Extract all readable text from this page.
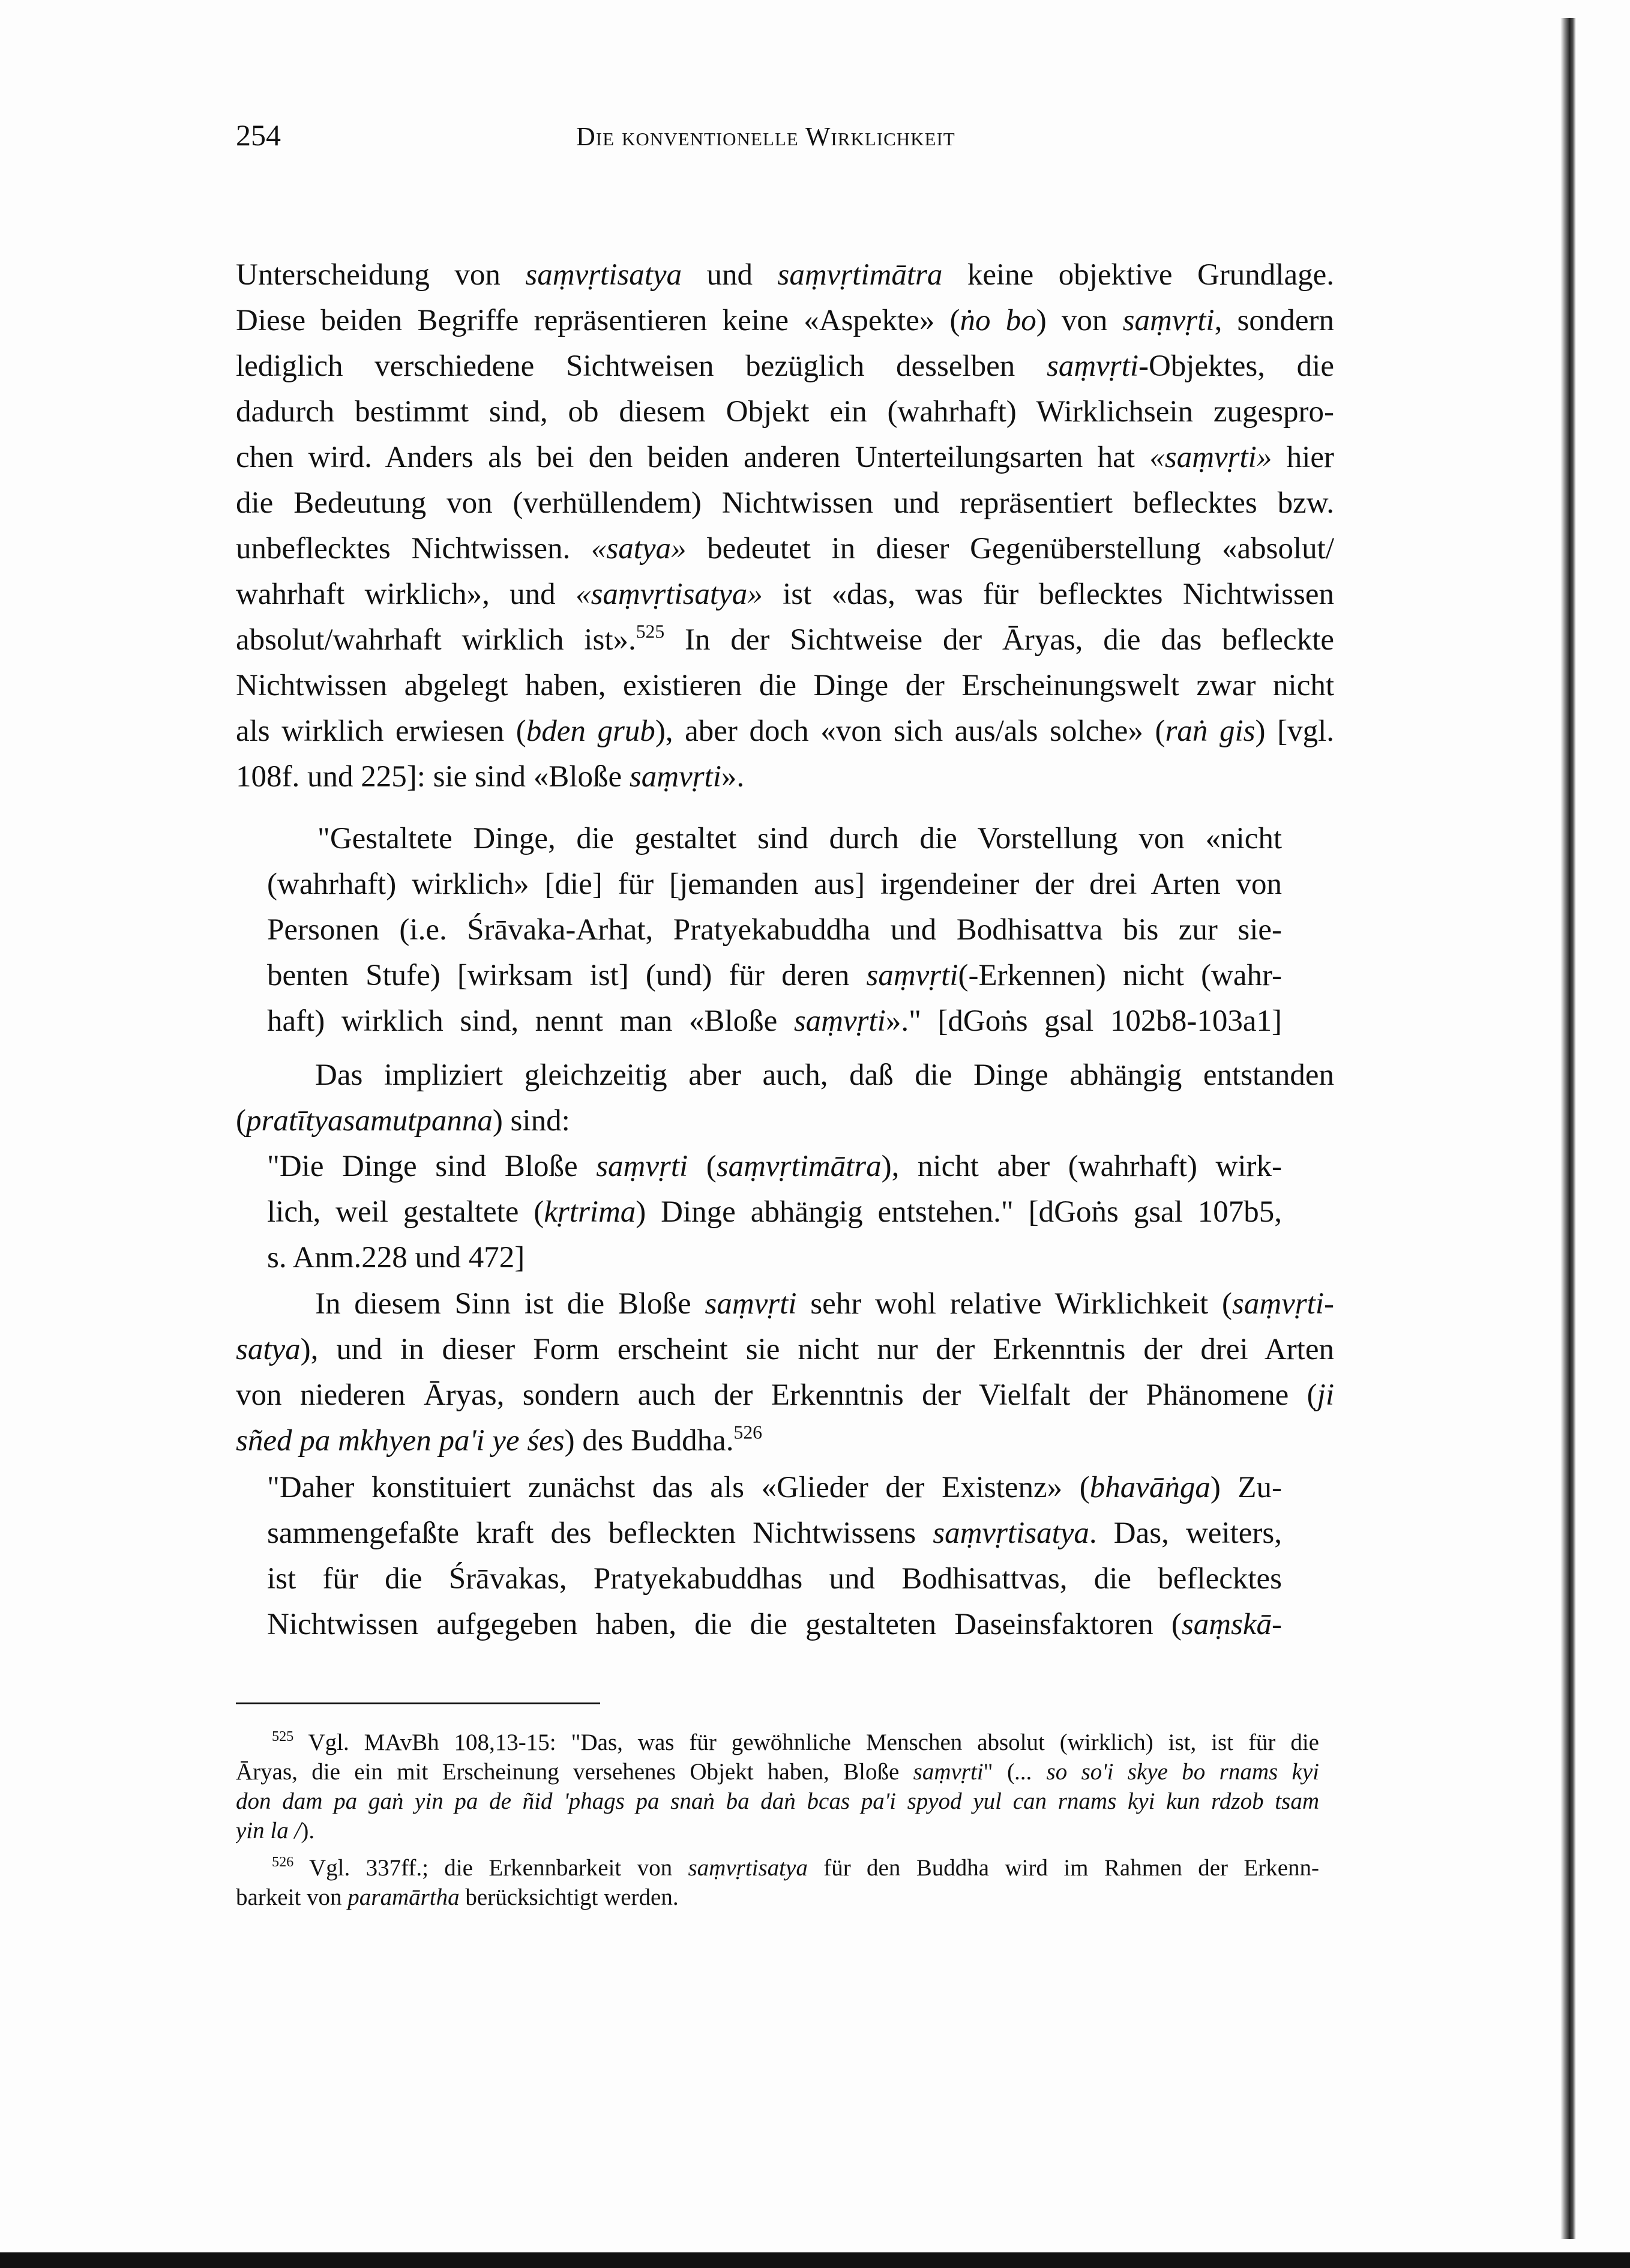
254	Die konventionelle Wirklichkeit
Unterscheidung von saṃvṛtisatya und saṃvṛtimātra keine objektive Grundlage.
Diese beiden Begriffe repräsentieren keine «Aspekte» (ṅo bo) von saṃvṛti, sondern
lediglich verschiedene Sichtweisen bezüglich desselben saṃvṛti-Objektes, die
dadurch bestimmt sind, ob diesem Objekt ein (wahrhaft) Wirklichsein zugespro-
chen wird. Anders als bei den beiden anderen Unterteilungsarten hat «saṃvṛti» hier
die Bedeutung von (verhüllendem) Nichtwissen und repräsentiert beflecktes bzw.
unbeflecktes Nichtwissen. «satya» bedeutet in dieser Gegenüberstellung «absolut/
wahrhaft wirklich», und «saṃvṛtisatya» ist «das, was für beflecktes Nichtwissen
absolut/wahrhaft wirklich ist».$^{525}$ In der Sichtweise der Āryas, die das befleckte
Nichtwissen abgelegt haben, existieren die Dinge der Erscheinungswelt zwar nicht
als wirklich erwiesen (bden grub), aber doch «von sich aus/als solche» (raṅ gis) [vgl.
108f. und 225]: sie sind «Bloße saṃvṛti».
"Gestaltete Dinge, die gestaltet sind durch die Vorstellung von «nicht
(wahrhaft) wirklich» [die] für [jemanden aus] irgendeiner der drei Arten von
Personen (i.e. Śrāvaka-Arhat, Pratyekabuddha und Bodhisattva bis zur sie-
benten Stufe) [wirksam ist] (und) für deren saṃvṛti(-Erkennen) nicht (wahr-
haft) wirklich sind, nennt man «Bloße saṃvṛti»." [dGoṅs gsal 102b8-103a1]
Das impliziert gleichzeitig aber auch, daß die Dinge abhängig entstanden
(pratītyasamutpanna) sind:
"Die Dinge sind Bloße saṃvṛti (saṃvṛtimātra), nicht aber (wahrhaft) wirk-
lich, weil gestaltete (kṛtrima) Dinge abhängig entstehen." [dGoṅs gsal 107b5,
s. Anm.228 und 472]
In diesem Sinn ist die Bloße saṃvṛti sehr wohl relative Wirklichkeit (saṃvṛti-
satya), und in dieser Form erscheint sie nicht nur der Erkenntnis der drei Arten
von niederen Āryas, sondern auch der Erkenntnis der Vielfalt der Phänomene (ji
sñed pa mkhyen pa'i ye śes) des Buddha.$^{526}$
"Daher konstituiert zunächst das als «Glieder der Existenz» (bhavāṅga) Zu-
sammengefaßte kraft des befleckten Nichtwissens saṃvṛtisatya. Das, weiters,
ist für die Śrāvakas, Pratyekabuddhas und Bodhisattvas, die beflecktes
Nichtwissen aufgegeben haben, die die gestalteten Daseinsfaktoren (saṃskā-
$^{525}$ Vgl. MAvBh 108,13-15: "Das, was für gewöhnliche Menschen absolut (wirklich) ist, ist für die
Āryas, die ein mit Erscheinung versehenes Objekt haben, Bloße saṃvṛti" (... so so'i skye bo rnams kyi
don dam pa gaṅ yin pa de ñid 'phags pa snaṅ ba daṅ bcas pa'i spyod yul can rnams kyi kun rdzob tsam
yin la /).
$^{526}$ Vgl. 337ff.; die Erkennbarkeit von saṃvṛtisatya für den Buddha wird im Rahmen der Erkenn-
barkeit von paramārtha berücksichtigt werden.
